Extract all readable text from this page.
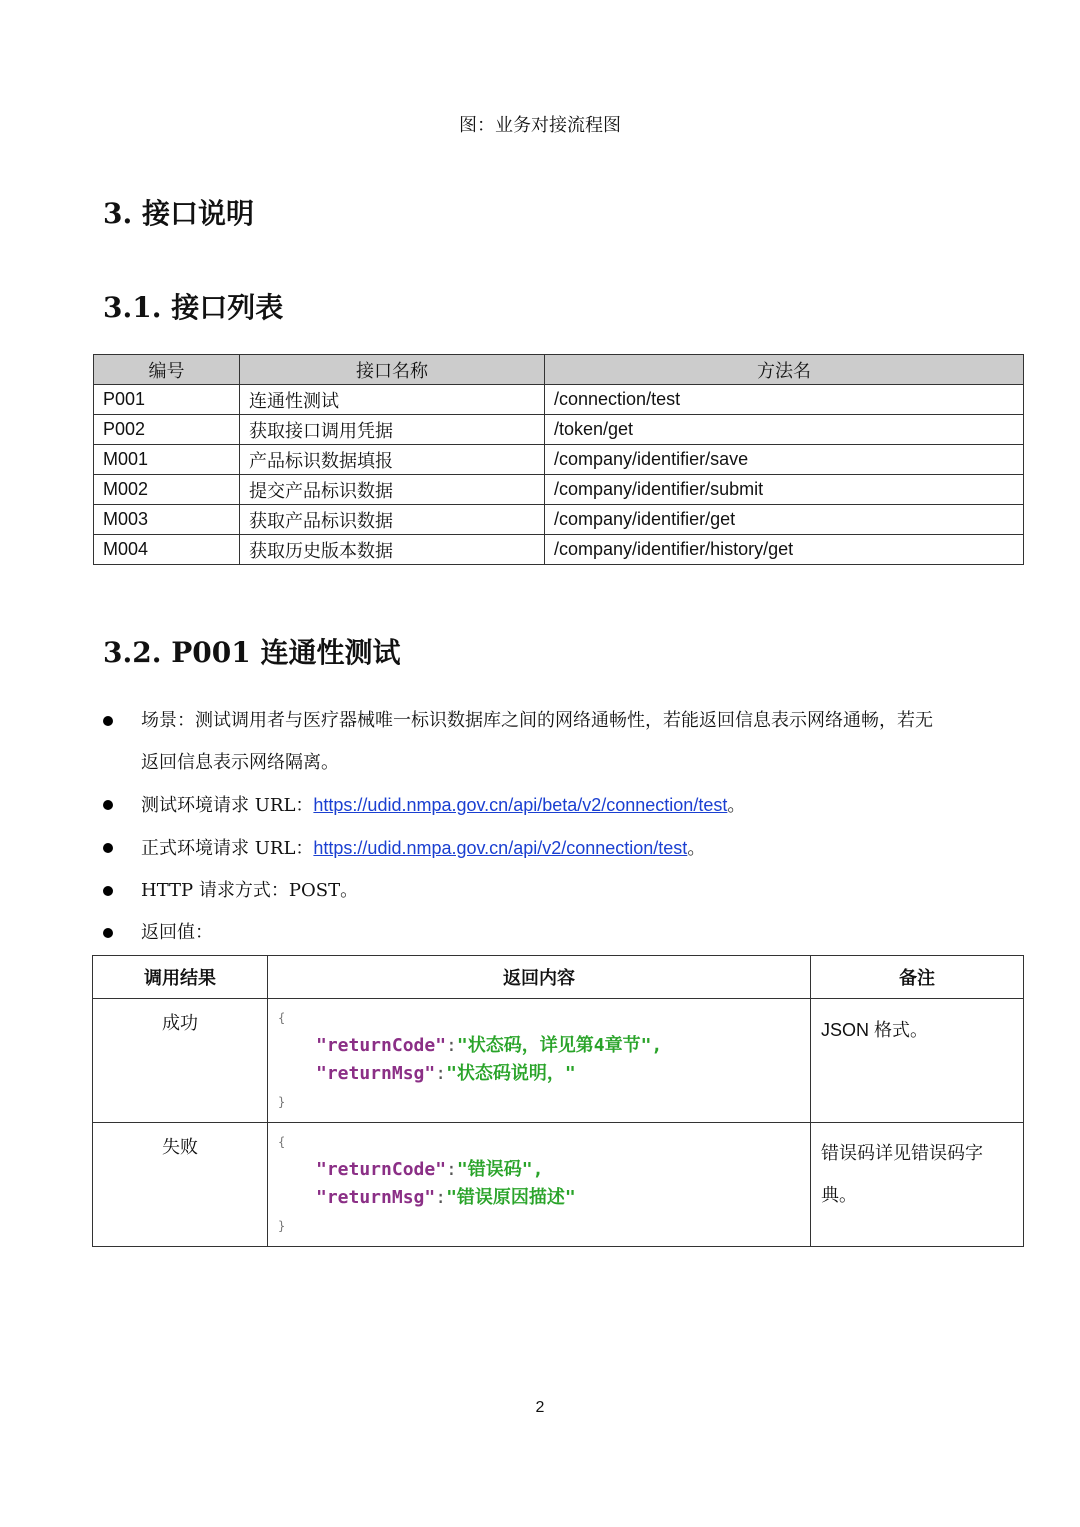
图：业务对接流程图
3. 接口说明
3.1. 接口列表
编号	接口名称	方法名
P001	连通性测试	/connection/test
P002	获取接口调用凭据	/token/get
M001	产品标识数据填报	/company/identifier/save
M002	提交产品标识数据	/company/identifier/submit
M003	获取产品标识数据	/company/identifier/get
M004	获取历史版本数据	/company/identifier/history/get
3.2. P001 连通性测试
场景：测试调用者与医疗器械唯一标识数据库之间的网络通畅性，若能返回信息表示网络通畅，若无
返回信息表示网络隔离。
测试环境请求 URL：https://udid.nmpa.gov.cn/api/beta/v2/connection/test。
正式环境请求 URL：https://udid.nmpa.gov.cn/api/v2/connection/test。
HTTP 请求方式：POST。
返回值：
调用结果	返回内容	备注
成功	{
"returnCode":"状态码，详见第4章节",
"returnMsg":"状态码说明，"
}	JSON 格式。
失败	{
"returnCode":"错误码",
"returnMsg":"错误原因描述"
}	错误码详见错误码字典。
2
